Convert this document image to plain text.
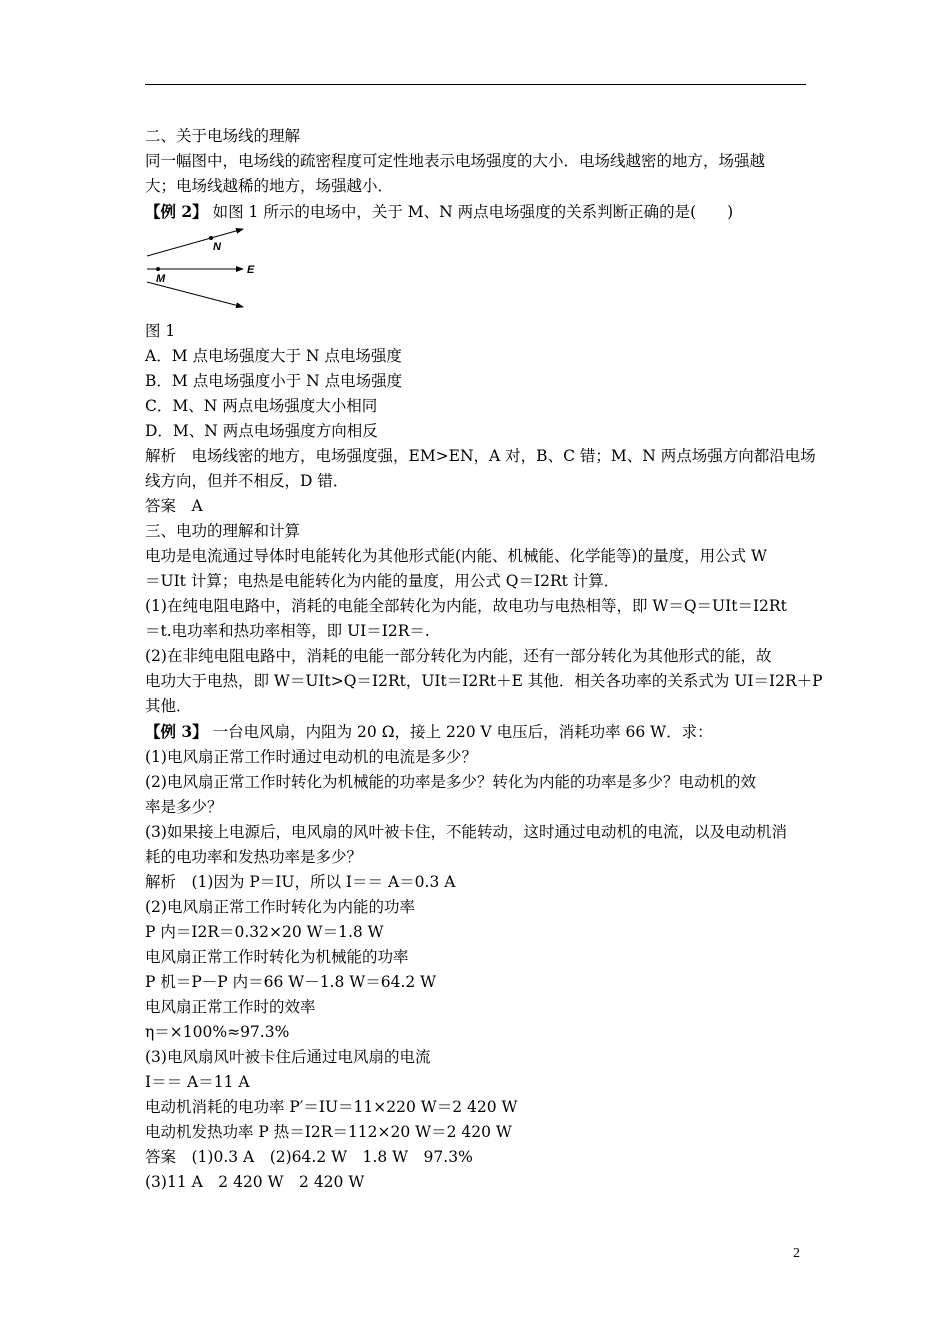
二、关于电场线的理解

同一幅图中，电场线的疏密程度可定性地表示电场强度的大小．电场线越密的地方，场强越

大；电场线越稀的地方，场强越小．

【例 2】 如图 1 所示的电场中，关于 M、N 两点电场强度的关系判断正确的是(　　)

N
M
E

图 1

A．M 点电场强度大于 N 点电场强度

B．M 点电场强度小于 N 点电场强度

C．M、N 两点电场强度大小相同

D．M、N 两点电场强度方向相反

解析　电场线密的地方，电场强度强，EM>EN，A 对，B、C 错；M、N 两点场强方向都沿电场

线方向，但并不相反，D 错．

答案　A

三、电功的理解和计算

电功是电流通过导体时电能转化为其他形式能(内能、机械能、化学能等)的量度，用公式 W

＝UIt 计算；电热是电能转化为内能的量度，用公式 Q＝I2Rt 计算．

(1)在纯电阻电路中，消耗的电能全部转化为内能，故电功与电热相等，即 W＝Q＝UIt＝I2Rt

＝t.电功率和热功率相等，即 UI＝I2R＝.

(2)在非纯电阻电路中，消耗的电能一部分转化为内能，还有一部分转化为其他形式的能，故

电功大于电热，即 W＝UIt>Q＝I2Rt，UIt＝I2Rt＋E 其他．相关各功率的关系式为 UI＝I2R＋P

其他．

【例 3】 一台电风扇，内阻为 20 Ω，接上 220 V 电压后，消耗功率 66 W．求：

(1)电风扇正常工作时通过电动机的电流是多少？

(2)电风扇正常工作时转化为机械能的功率是多少？转化为内能的功率是多少？电动机的效

率是多少？

(3)如果接上电源后，电风扇的风叶被卡住，不能转动，这时通过电动机的电流，以及电动机消

耗的电功率和发热功率是多少？

解析　(1)因为 P＝IU，所以 I＝＝ A＝0.3 A

(2)电风扇正常工作时转化为内能的功率

P 内＝I2R＝0.32×20 W＝1.8 W

电风扇正常工作时转化为机械能的功率

P 机＝P－P 内＝66 W－1.8 W＝64.2 W

电风扇正常工作时的效率

η＝×100%≈97.3%

(3)电风扇风叶被卡住后通过电风扇的电流

I＝＝ A＝11 A

电动机消耗的电功率 P′＝IU＝11×220 W＝2 420 W

电动机发热功率 P 热＝I2R＝112×20 W＝2 420 W

答案　(1)0.3 A　(2)64.2 W　1.8 W　97.3%

(3)11 A　2 420 W　2 420 W

2
